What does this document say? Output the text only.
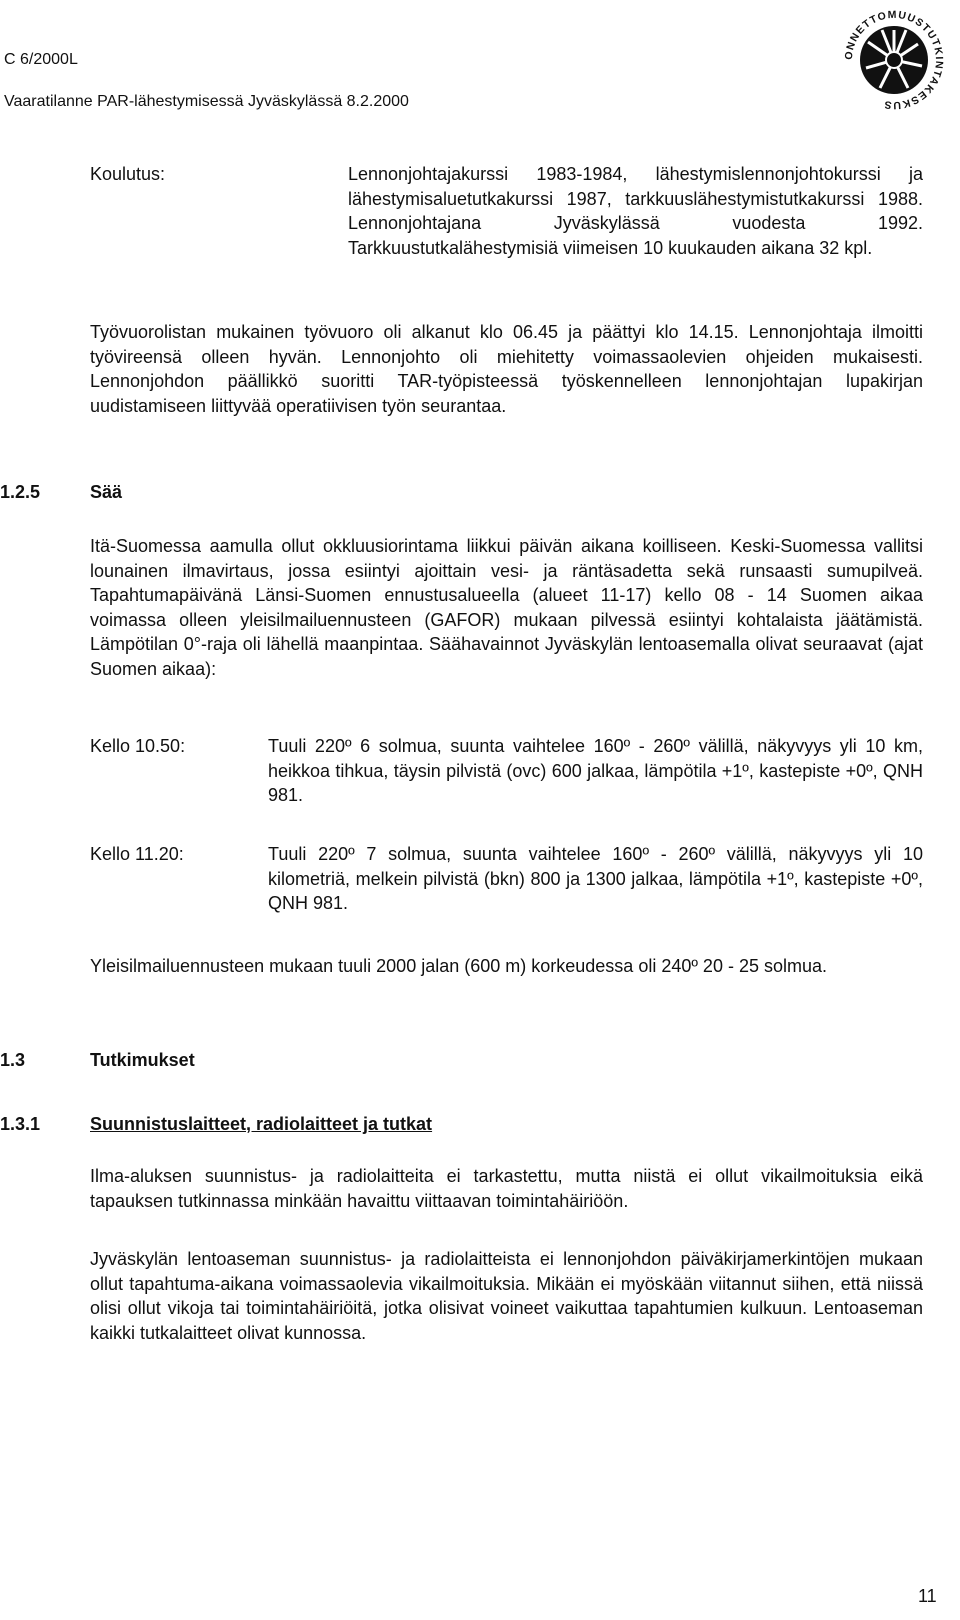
C 6/2000L
Vaaratilanne PAR-lähestymisessä Jyväskylässä 8.2.2000
ONNETTOMUUSTUTKINTAKESKUS
Koulutus:	Lennonjohtajakurssi 1983-1984, lähestymislennonjohtokurssi ja lähestymisaluetutkakurssi 1987, tarkkuuslähestymistutkakurssi 1988. Lennonjohtajana Jyväskylässä vuodesta 1992. Tarkkuustutkalähestymisiä viimeisen 10 kuukauden aikana 32 kpl.

Työvuorolistan mukainen työvuoro oli alkanut klo 06.45 ja päättyi klo 14.15. Lennonjohtaja ilmoitti työvireensä olleen hyvän. Lennonjohto oli miehitetty voimassaolevien ohjeiden mukaisesti. Lennonjohdon päällikkö suoritti TAR-työpisteessä työskennelleen lennonjohtajan lupakirjan uudistamiseen liittyvää operatiivisen työn seurantaa.

1.2.5	Sää

Itä-Suomessa aamulla ollut okkluusiorintama liikkui päivän aikana koilliseen. Keski-Suomessa vallitsi lounainen ilmavirtaus, jossa esiintyi ajoittain vesi- ja räntäsadetta sekä runsaasti sumupilveä. Tapahtumapäivänä Länsi-Suomen ennustusalueella (alueet 11-17) kello 08 - 14 Suomen aikaa voimassa olleen yleisilmailuennusteen (GAFOR) mukaan pilvessä esiintyi kohtalaista jäätämistä. Lämpötilan 0°-raja oli lähellä maanpintaa. Säähavainnot Jyväskylän lentoasemalla olivat seuraavat (ajat Suomen aikaa):

Kello 10.50:	Tuuli 220º 6 solmua, suunta vaihtelee 160º - 260º välillä, näkyvyys yli 10 km, heikkoa tihkua, täysin pilvistä (ovc) 600 jalkaa, lämpötila +1º, kastepiste +0º, QNH 981.

Kello 11.20:	Tuuli 220º 7 solmua, suunta vaihtelee 160º - 260º välillä, näkyvyys yli 10 kilometriä, melkein pilvistä (bkn) 800 ja 1300 jalkaa, lämpötila +1º, kastepiste +0º, QNH 981.

Yleisilmailuennusteen mukaan tuuli 2000 jalan (600 m) korkeudessa oli 240º 20 - 25 solmua.

1.3	Tutkimukset
1.3.1	Suunnistuslaitteet, radiolaitteet ja tutkat

Ilma-aluksen suunnistus- ja radiolaitteita ei tarkastettu, mutta niistä ei ollut vikailmoituksia eikä tapauksen tutkinnassa minkään havaittu viittaavan toimintahäiriöön.

Jyväskylän lentoaseman suunnistus- ja radiolaitteista ei lennonjohdon päiväkirjamerkintöjen mukaan ollut tapahtuma-aikana voimassaolevia vikailmoituksia. Mikään ei myöskään viitannut siihen, että niissä olisi ollut vikoja tai toimintahäiriöitä, jotka olisivat voineet vaikuttaa tapahtumien kulkuun. Lentoaseman kaikki tutkalaitteet olivat kunnossa.

11
